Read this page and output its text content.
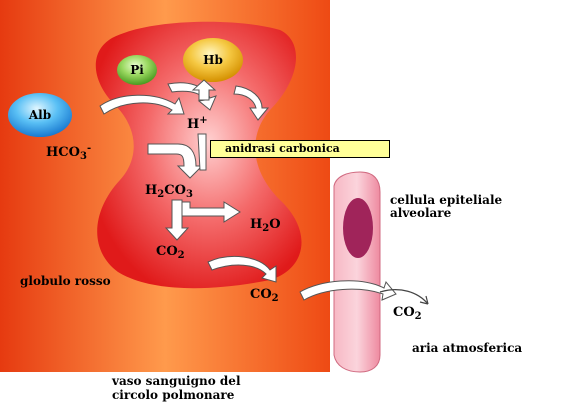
Hb
Pi
Alb
H+
$HCO_3^-$	anidrasi carbonica
$H_2CO_3$
$H_2O$
$CO_2$
$CO_2$
$CO_2$
globulo rosso
cellula epiteliale
alveolare
aria atmosferica
vaso sanguigno del
circolo polmonare
